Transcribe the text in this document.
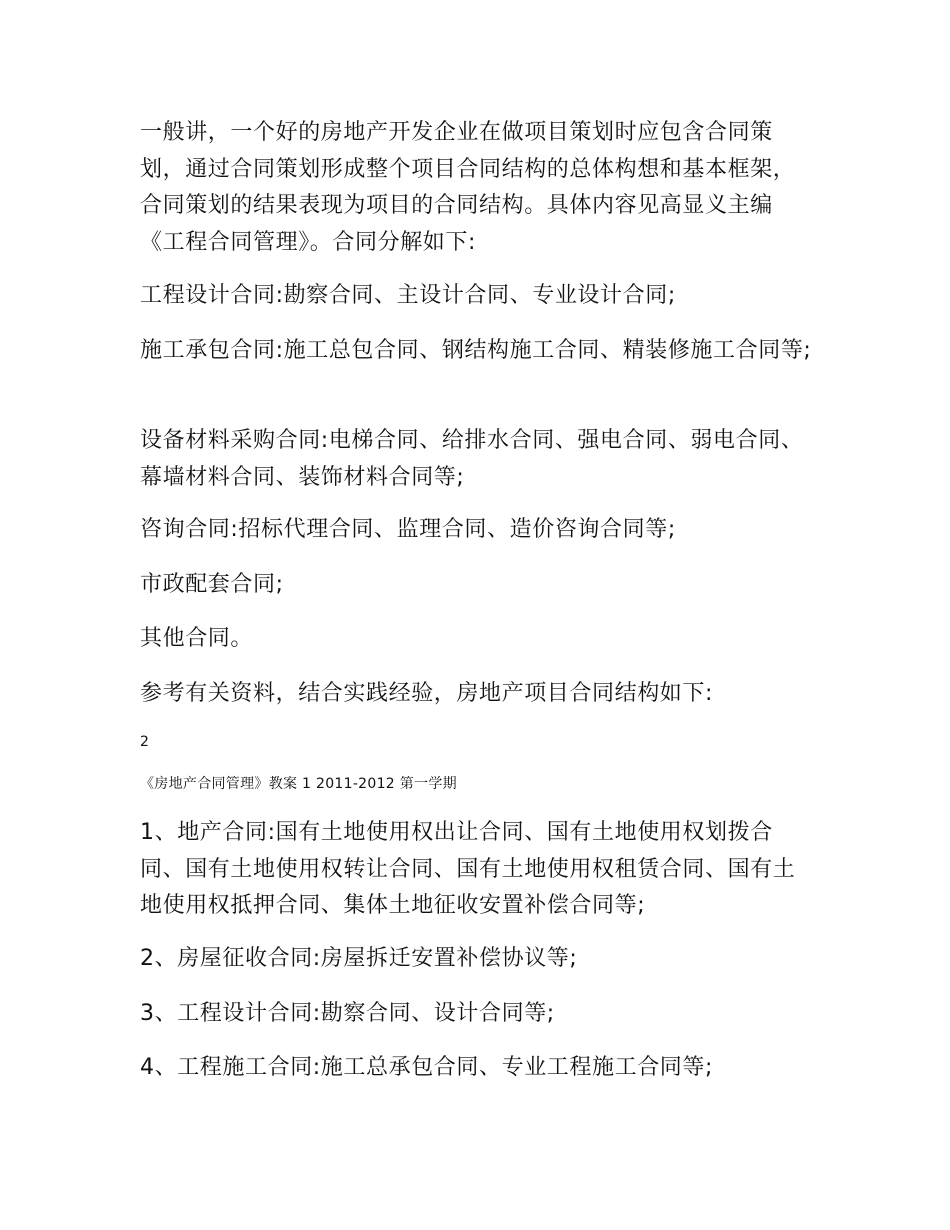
一般讲，一个好的房地产开发企业在做项目策划时应包含合同策划，通过合同策划形成整个项目合同结构的总体构想和基本框架，合同策划的结果表现为项目的合同结构。具体内容见高显义主编《工程合同管理》。合同分解如下:

工程设计合同:勘察合同、主设计合同、专业设计合同;

施工承包合同:施工总包合同、钢结构施工合同、精装修施工合同等;

设备材料采购合同:电梯合同、给排水合同、强电合同、弱电合同、幕墙材料合同、装饰材料合同等;

咨询合同:招标代理合同、监理合同、造价咨询合同等;

市政配套合同;

其他合同。

参考有关资料，结合实践经验，房地产项目合同结构如下:

2
《房地产合同管理》教案 1 2011-2012 第一学期

1、地产合同:国有土地使用权出让合同、国有土地使用权划拨合同、国有土地使用权转让合同、国有土地使用权租赁合同、国有土地使用权抵押合同、集体土地征收安置补偿合同等;

2、房屋征收合同:房屋拆迁安置补偿协议等;

3、工程设计合同:勘察合同、设计合同等;

4、工程施工合同:施工总承包合同、专业工程施工合同等;
